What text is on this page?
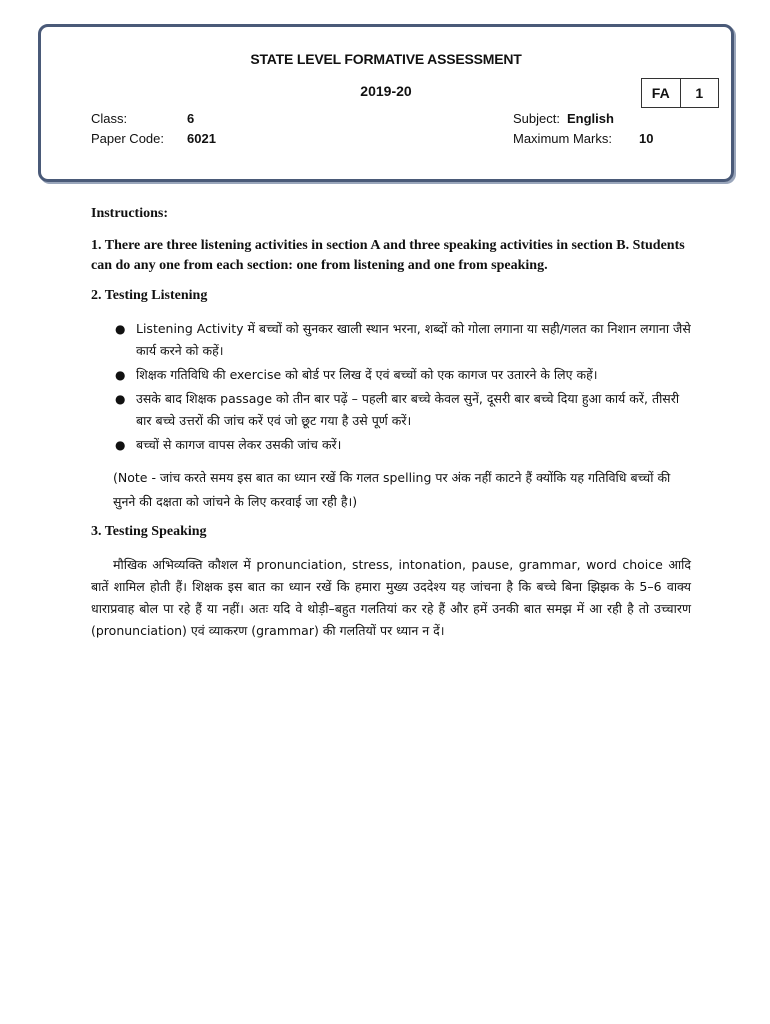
STATE LEVEL FORMATIVE ASSESSMENT
2019-20	FA	1
Class:	6
Paper Code: 6021
Subject: English
Maximum Marks: 10

Instructions:

1. There are three listening activities in section A and three speaking activities in section B. Students can do any one from each section: one from listening and one from speaking.

2. Testing Listening

● Listening Activity में बच्चों को सुनकर खाली स्थान भरना, शब्दों को गोला लगाना या सही/गलत का निशान लगाना जैसे कार्य करने को कहें।
● शिक्षक गतिविधि की exercise को बोर्ड पर लिख दें एवं बच्चों को एक कागज पर उतारने के लिए कहें।
● उसके बाद शिक्षक passage को तीन बार पढ़ें – पहली बार बच्चे केवल सुनें, दूसरी बार बच्चे दिया हुआ कार्य करें, तीसरी बार बच्चे उत्तरों की जांच करें एवं जो छूट गया है उसे पूर्ण करें।
● बच्चों से कागज वापस लेकर उसकी जांच करें।

(Note - जांच करते समय इस बात का ध्यान रखें कि गलत spelling पर अंक नहीं काटने हैं क्योंकि यह गतिविधि बच्चों की सुनने की दक्षता को जांचने के लिए करवाई जा रही है।)

3. Testing Speaking

मौखिक अभिव्यक्ति कौशल में pronunciation, stress, intonation, pause, grammar, word choice आदि बातें शामिल होती हैं। शिक्षक इस बात का ध्यान रखें कि हमारा मुख्य उददेश्य यह जांचना है कि बच्चे बिना झिझक के 5–6 वाक्य धाराप्रवाह बोल पा रहे हैं या नहीं। अतः यदि वे थोड़ी–बहुत गलतियां कर रहे हैं और हमें उनकी बात समझ में आ रही है तो उच्चारण (pronunciation) एवं व्याकरण (grammar) की गलतियों पर ध्यान न दें।
